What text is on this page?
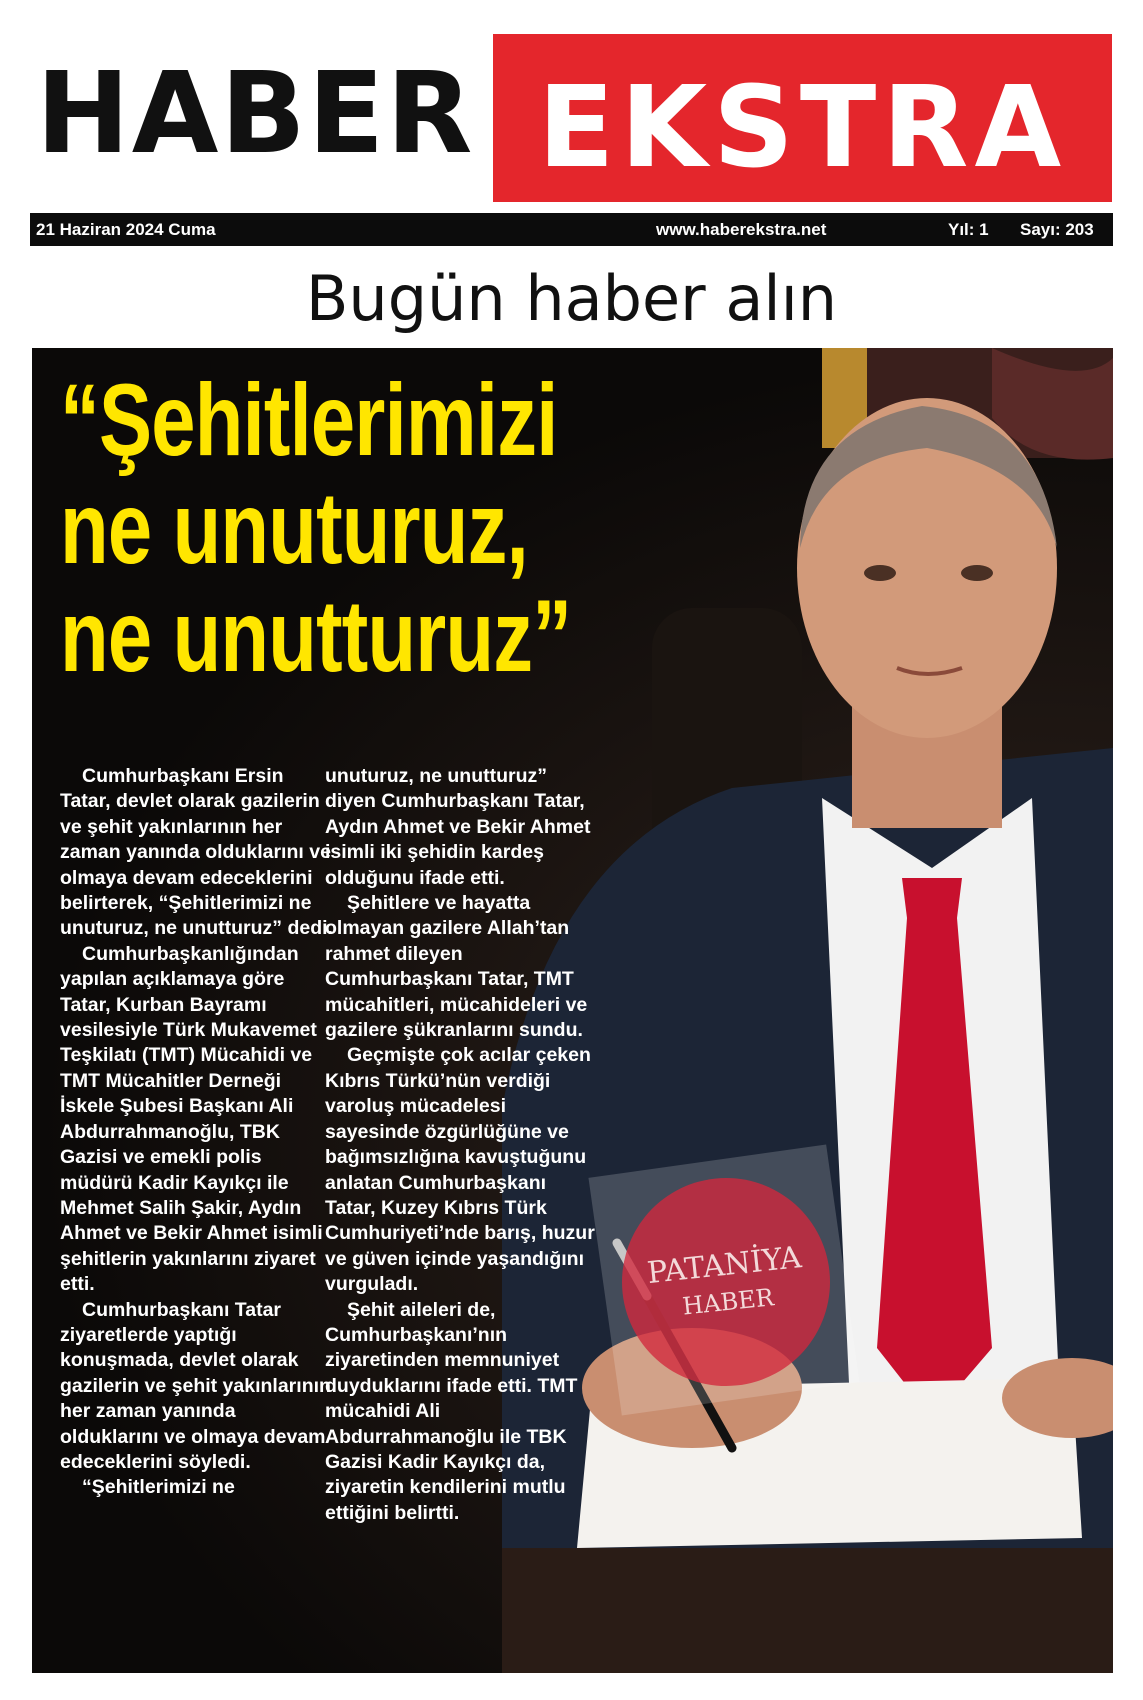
HABER EKSTRA
21 Haziran 2024 Cuma	www.haberekstra.net	Yıl: 1 Sayı: 203
Bugün haber alın
PATANİYA
HABER
“Şehitlerimizi
ne unuturuz,
ne unutturuz”

Cumhurbaşkanı Ersin Tatar, devlet olarak gazilerin ve şehit yakınlarının her zaman yanında olduklarını ve olmaya devam edeceklerini belirterek, “Şehitlerimizi ne unuturuz, ne unutturuz” dedi.

Cumhurbaşkanlığından yapılan açıklamaya göre Tatar, Kurban Bayramı vesilesiyle Türk Mukavemet Teşkilatı (TMT) Mücahidi ve TMT Mücahitler Derneği İskele Şubesi Başkanı Ali Abdurrahmanoğlu, TBK Gazisi ve emekli polis müdürü Kadir Kayıkçı ile Mehmet Salih Şakir, Aydın Ahmet ve Bekir Ahmet isimli şehitlerin yakınlarını ziyaret etti.

Cumhurbaşkanı Tatar ziyaretlerde yaptığı konuşmada, devlet olarak gazilerin ve şehit yakınlarının her zaman yanında olduklarını ve olmaya devam edeceklerini söyledi.

“Şehitlerimizi ne

unuturuz, ne unutturuz” diyen Cumhurbaşkanı Tatar, Aydın Ahmet ve Bekir Ahmet isimli iki şehidin kardeş olduğunu ifade etti.

Şehitlere ve hayatta olmayan gazilere Allah’tan rahmet dileyen Cumhurbaşkanı Tatar, TMT mücahitleri, mücahideleri ve gazilere şükranlarını sundu.

Geçmişte çok acılar çeken Kıbrıs Türkü’nün verdiği varoluş mücadelesi sayesinde özgürlüğüne ve bağımsızlığına kavuştuğunu anlatan Cumhurbaşkanı Tatar, Kuzey Kıbrıs Türk Cumhuriyeti’nde barış, huzur ve güven içinde yaşandığını vurguladı.

Şehit aileleri de, Cumhurbaşkanı’nın ziyaretinden memnuniyet duyduklarını ifade etti. TMT mücahidi Ali Abdurrahmanoğlu ile TBK Gazisi Kadir Kayıkçı da, ziyaretin kendilerini mutlu ettiğini belirtti.
